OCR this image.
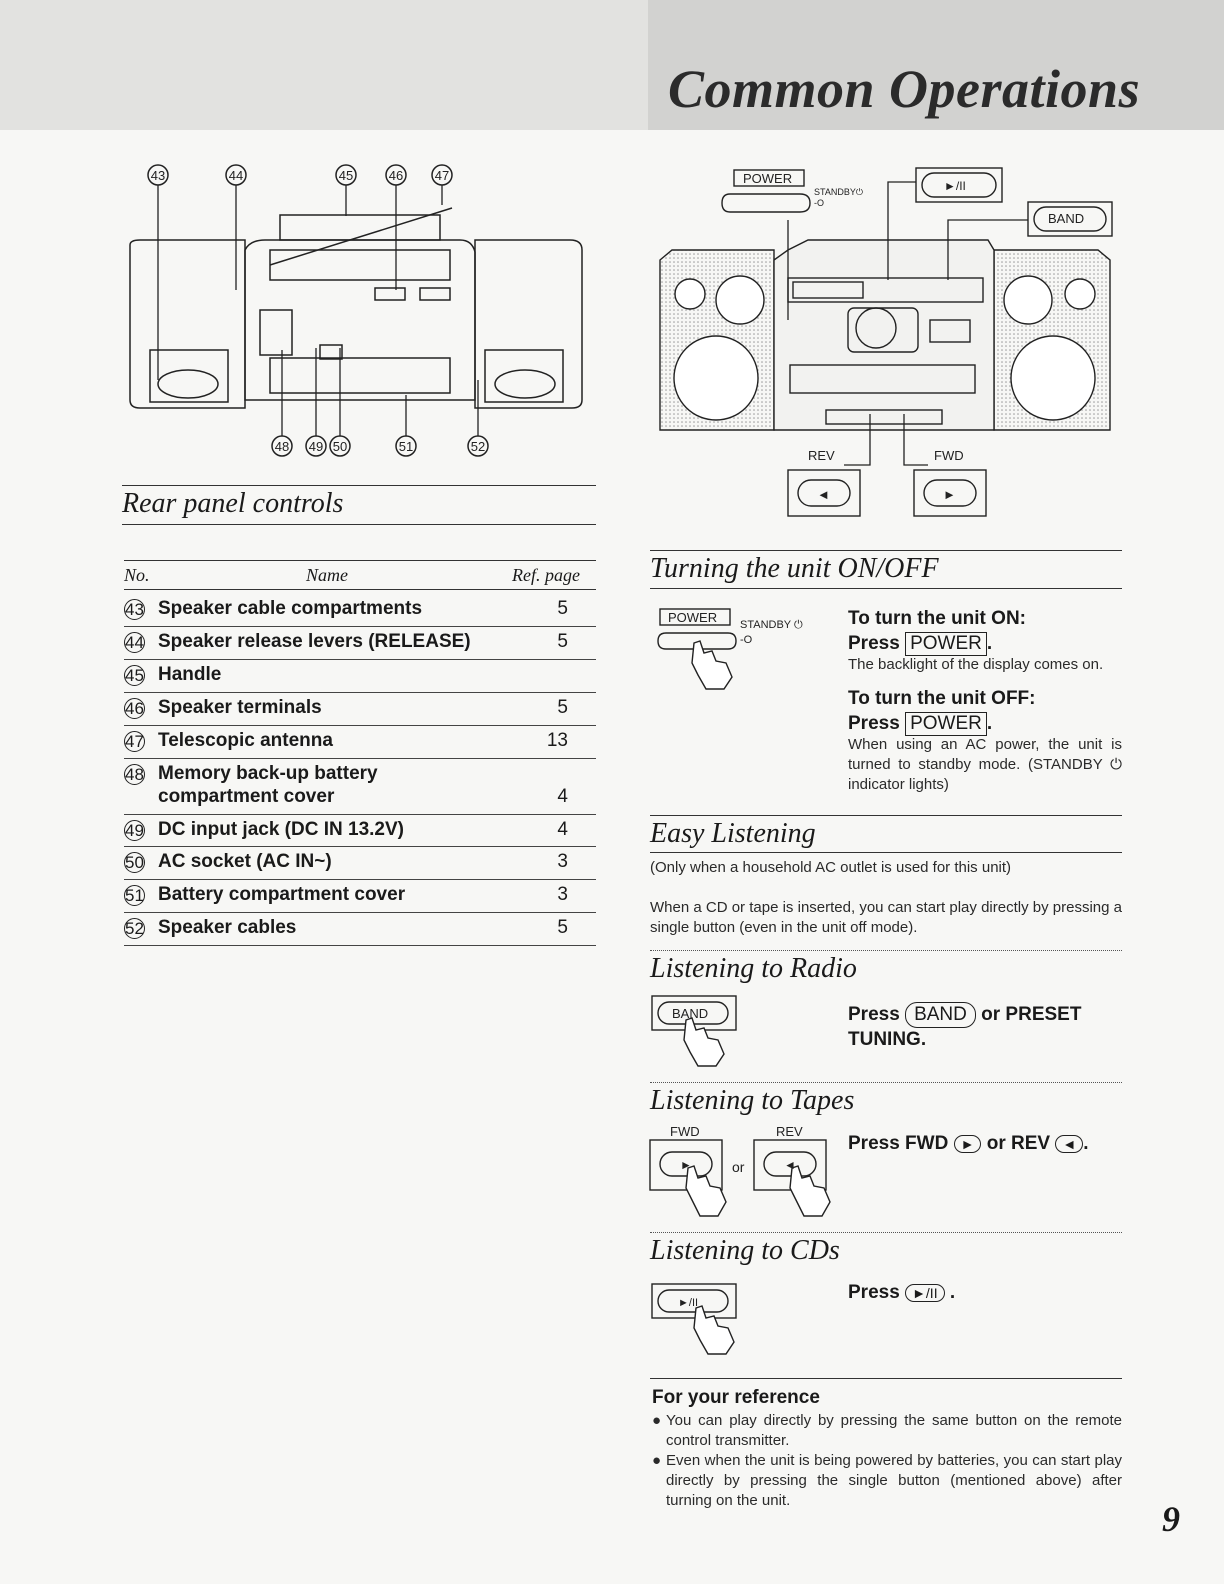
Common Operations
43	44	45	46 47
48 49 50	51	52
Rear panel controls
No.	Name	Ref. page
43 Speaker cable compartments	5
44 Speaker release levers (RELEASE)	5
45 Handle
46 Speaker terminals	5
47 Telescopic antenna	13
48 Memory back-up battery
compartment cover	4
49 DC input jack (DC IN 13.2V)	4
50 AC socket (AC IN~)	3
51 Battery compartment cover	3
52 Speaker cables	5
POWER
STANDBY⏻
-O
►/II
BAND
REV	FWD
◄	►
Turning the unit ON/OFF
POWER STANDBY ⏻
-O
To turn the unit ON:
Press POWER .
The backlight of the display comes on.
To turn the unit OFF:
Press POWER .
When using an AC power, the unit is turned to standby mode. (STANDBY ⏻ indicator lights)
Easy Listening
(Only when a household AC outlet is used for this unit)
When a CD or tape is inserted, you can start play directly by pressing a single button (even in the unit off mode).
Listening to Radio
BAND	Press BAND or PRESET TUNING.
Listening to Tapes
FWD	REV
or
►	◄
Press FWD ► or REV ◄ .
Listening to CDs
►/II	Press ►/II .
For your reference
● You can play directly by pressing the same button on the remote control transmitter.
● Even when the unit is being powered by batteries, you can start play directly by pressing the single button (mentioned above) after turning on the unit.	9
